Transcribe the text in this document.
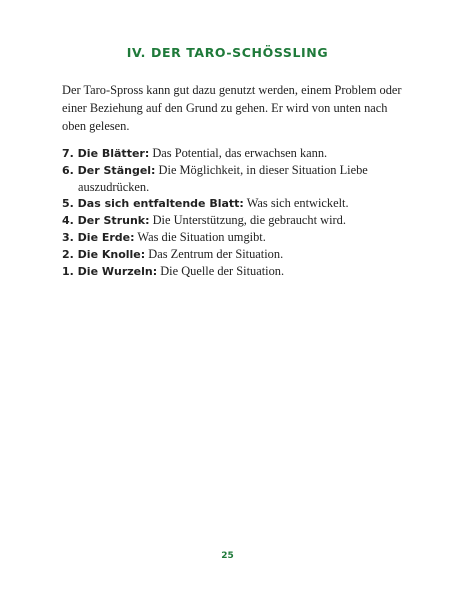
IV. DER TARO-SCHÖSSLING

Der Taro-Spross kann gut dazu genutzt werden, einem Problem oder einer Beziehung auf den Grund zu gehen. Er wird von unten nach oben gelesen.

7. Die Blätter: Das Potential, das erwachsen kann.
6. Der Stängel: Die Möglichkeit, in dieser Situation Liebe auszudrücken.
5. Das sich entfaltende Blatt: Was sich entwickelt.
4. Der Strunk: Die Unterstützung, die gebraucht wird.
3. Die Erde: Was die Situation umgibt.
2. Die Knolle: Das Zentrum der Situation.
1. Die Wurzeln: Die Quelle der Situation.
25
